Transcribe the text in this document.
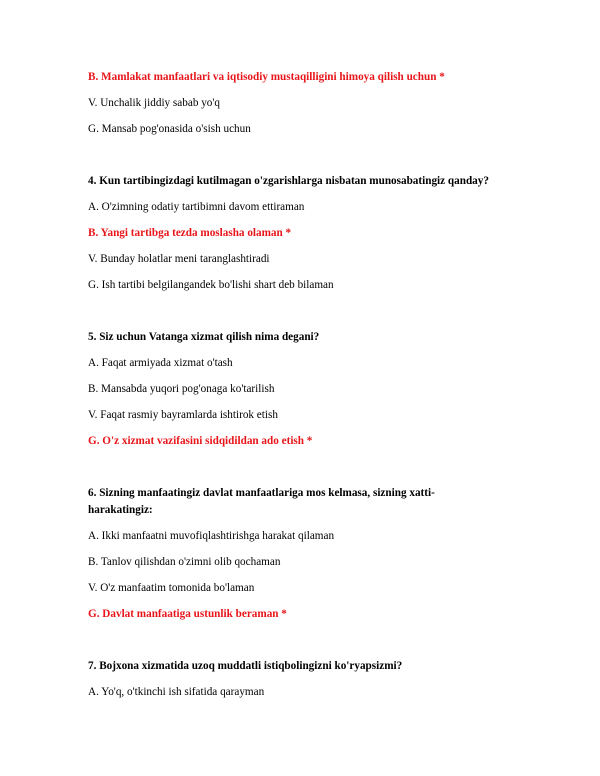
B. Mamlakat manfaatlari va iqtisodiy mustaqilligini himoya qilish uchun *
V. Unchalik jiddiy sabab yo'q
G. Mansab pog'onasida o'sish uchun
4. Kun tartibingizdagi kutilmagan o'zgarishlarga nisbatan munosabatingiz qanday?
A. O'zimning odatiy tartibimni davom ettiraman
B. Yangi tartibga tezda moslasha olaman *
V. Bunday holatlar meni taranglashtiradi
G. Ish tartibi belgilangandek bo'lishi shart deb bilaman
5. Siz uchun Vatanga xizmat qilish nima degani?
A. Faqat armiyada xizmat o'tash
B. Mansabda yuqori pog'onaga ko'tarilish
V. Faqat rasmiy bayramlarda ishtirok etish
G. O'z xizmat vazifasini sidqidildan ado etish *
6. Sizning manfaatingiz davlat manfaatlariga mos kelmasa, sizning xatti-
harakatingiz:
A. Ikki manfaatni muvofiqlashtirishga harakat qilaman
B. Tanlov qilishdan o'zimni olib qochaman
V. O'z manfaatim tomonida bo'laman
G. Davlat manfaatiga ustunlik beraman *
7. Bojxona xizmatida uzoq muddatli istiqbolingizni ko'ryapsizmi?
A. Yo'q, o'tkinchi ish sifatida qarayman
